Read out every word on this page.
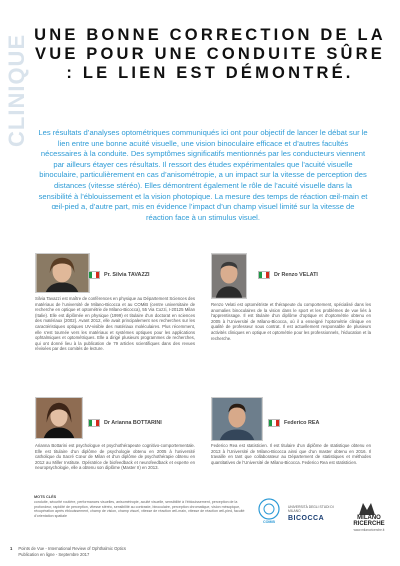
CLINIQUE UNE BONNE CORRECTION DE LA VUE POUR UNE CONDUITE SÛRE : LE LIEN EST DÉMONTRÉ.

Les résultats d’analyses optométriques communiqués ici ont pour objectif de lancer le débat sur le lien entre une bonne acuité visuelle, une vision binoculaire efficace et d’autres facultés nécessaires à la conduite. Des symptômes significatifs mentionnés par les conducteurs viennent par ailleurs étayer ces résultats. Il ressort des études expérimentales que l’acuité visuelle binoculaire, particulièrement en cas d’anisométropie, a un impact sur la vitesse de perception des distances (vitesse stéréo). Elles démontrent également le rôle de l’acuité visuelle dans la sensibilité à l’éblouissement et la vision photopique. La mesure des temps de réaction œil-main et œil-pied a, d’autre part, mis en évidence l’impact d’un champ visuel limité sur la vitesse de réaction face à un stimulus visuel.

Pr. Silvia TAVAZZI

Silvia Tavazzi est maître de conférences en physique au Département Sciences des matériaux de l’université de Milano-Bicocca et au COMiB (centre universitaire de recherche en optique et optométrie de Milano-Bicocca), 55 Via Cozzi, I-20125 Milan (Italie). Elle est diplômée en physique (1999) et titulaire d’un doctorat en sciences des matériaux (2002). Avant 2012, elle avait principalement ses recherches sur les caractéristiques optiques UV-visible des matériaux moléculaires. Plus récemment, elle s’est tournée vers les matériaux et systèmes optiques pour les applications ophtalmiques et optométriques. Elle a dirigé plusieurs programmes de recherches, qui ont donné lieu à la publication de 79 articles scientifiques dans des revues révisées par des comités de lecture.

Dr Renzo VELATI

Renzo Velati est optométriste et thérapeute du comportement, spécialisé dans les anomalies binoculaires de la vision dans le sport et les problèmes de vue liés à l’apprentissage. Il est titulaire d’un diplôme d’optique et d’optométrie obtenu en 2005 à l’Université de Milano-Bicocca, où il a enseigné l’optométrie clinique en qualité de professeur sous contrat. Il est actuellement responsable de plusieurs activités cliniques en optique et optométrie pour les professionnels, l’éducation et la recherche.

Dr Arianna BOTTARINI

Arianna Bottarini est psychologue et psychothérapeute cognitivo-comportementale. Elle est titulaire d’un diplôme de psychologie obtenu en 2005 à l’université catholique du Sacré Cœur de Milan et d’un diplôme de psychothérapie obtenu en 2012 au Miller Institute. Opératrice de biofeedback et neurofeedback et experte en neuropsychologie, elle a obtenu son diplôme (Master II) en 2013.

Federico REA

Federico Rea est statisticien. Il est titulaire d’un diplôme de statistique obtenu en 2013 à l’Université de Milano-Bicocca ainsi que d’un master obtenu en 2016. Il travaille en tant que collaborateur au Département de statistiques et méthodes quantitatives de l’Université de Milano-Bicocca. Federico Rea est statisticien.

MOTS CLÉS
conduite, sécurité routière, performances visuelles, anisométropie, acuité visuelle, sensibilité à l’éblouissement, perception de la profondeur, rapidité de perception, vitesse stéréo, sensibilité au contraste, binoculaire, perception chromatique, vision mésopique, récupération après éblouissement, champ de vision, champ visuel, vitesse de réaction œil-main, vitesse de réaction œil-pied, faculté d’orientation spatiale
COMiB
UNIVERSITÀ DEGLI STUDI DI MILANO
BICOCCA	MILANO
RICERCHE
www.milanoricerche.it
1 Points de Vue - International Review of Ophthalmic Optics
Publication en ligne - Septembre 2017
